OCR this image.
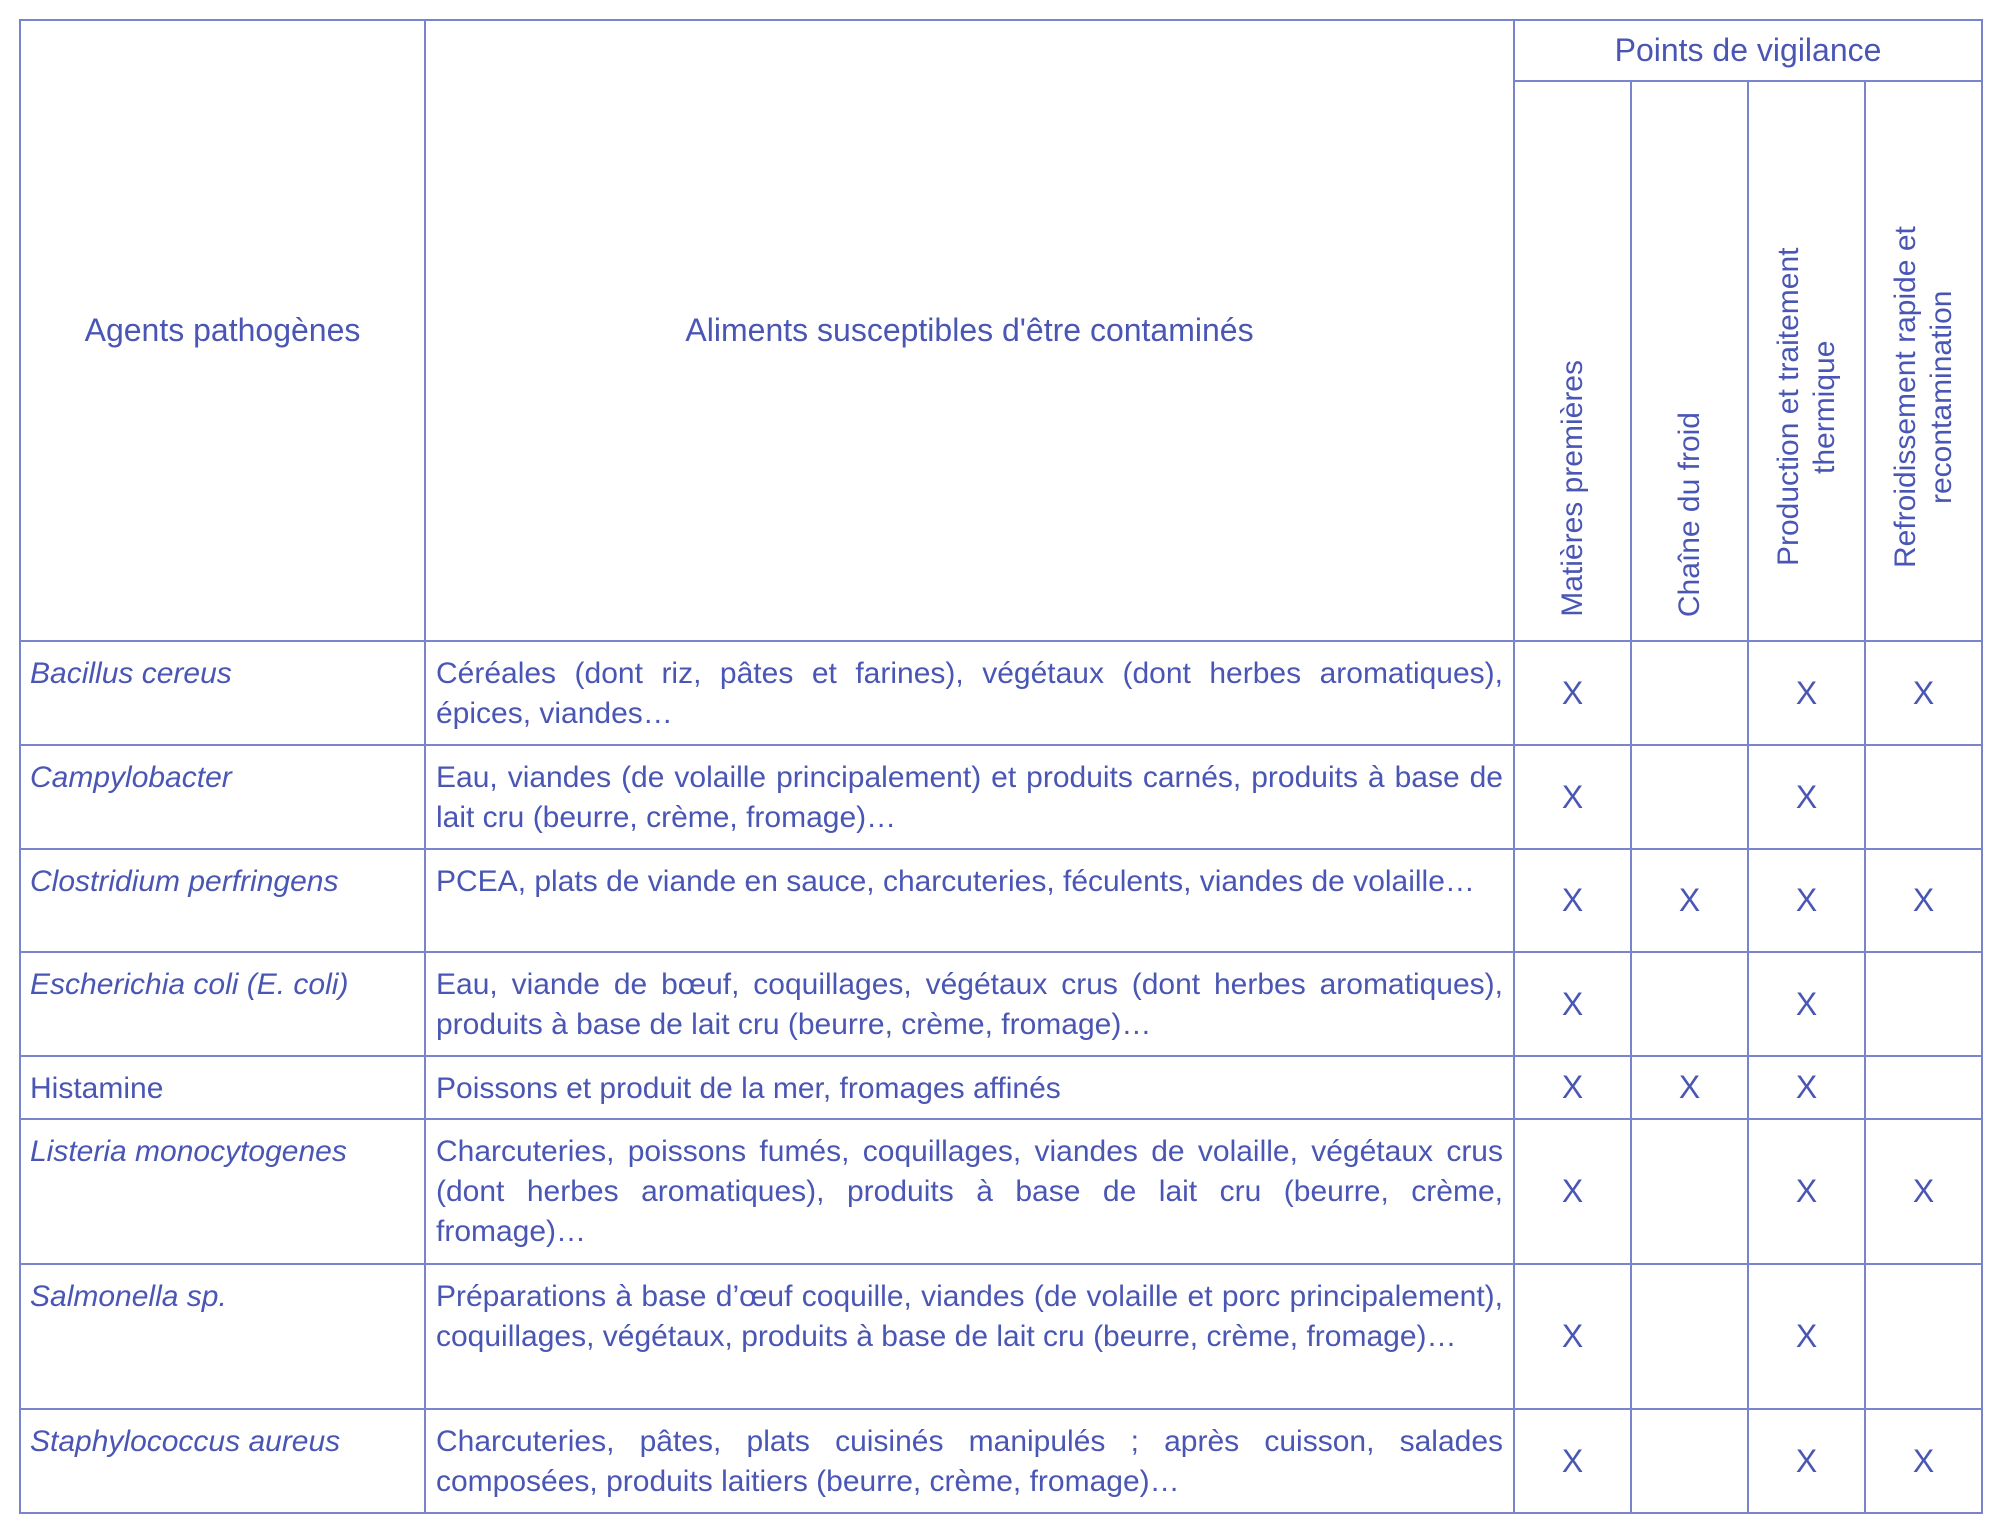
Agents pathogènes	Aliments susceptibles d'être contaminés	Points de vigilance			
		Matières premières	Chaîne du froid	Production et traitement thermique	Refroidissement rapide et recontamination
Bacillus cereus	Céréales (dont riz, pâtes et farines), végétaux (dont herbes aromatiques), épices, viandes…	X		X	X
Campylobacter	Eau, viandes (de volaille principalement) et produits carnés, produits à base de lait cru (beurre, crème, fromage)…	X		X	
Clostridium perfringens	PCEA, plats de viande en sauce, charcuteries, féculents, viandes de volaille…	X	X	X	X
Escherichia coli (E. coli)	Eau, viande de bœuf, coquillages, végétaux crus (dont herbes aromatiques), produits à base de lait cru (beurre, crème, fromage)…	X		X	
Histamine	Poissons et produit de la mer, fromages affinés	X	X	X	
Listeria monocytogenes	Charcuteries, poissons fumés, coquillages, viandes de volaille, végétaux crus (dont herbes aromatiques), produits à base de lait cru (beurre, crème, fromage)…	X		X	X
Salmonella sp.	Préparations à base d’œuf coquille, viandes (de volaille et porc principalement), coquillages, végétaux, produits à base de lait cru (beurre, crème, fromage)…	X		X	
Staphylococcus aureus	Charcuteries, pâtes, plats cuisinés manipulés ; après cuisson, salades composées, produits laitiers (beurre, crème, fromage)…	X		X	X
